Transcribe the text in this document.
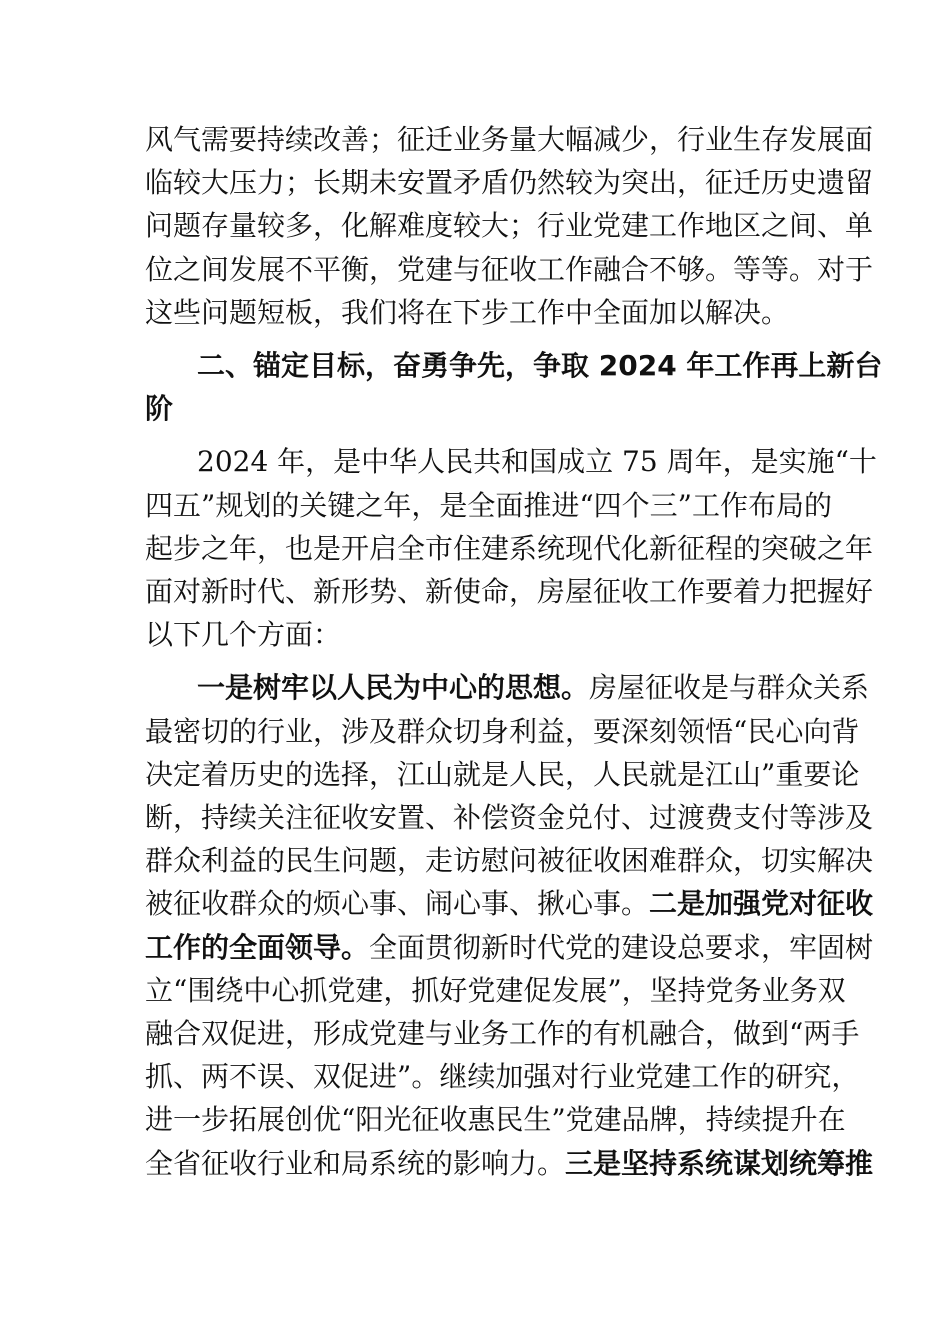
风气需要持续改善；征迁业务量大幅减少，行业生存发展面
临较大压力；长期未安置矛盾仍然较为突出，征迁历史遗留
问题存量较多，化解难度较大；行业党建工作地区之间、单
位之间发展不平衡，党建与征收工作融合不够。等等。对于
这些问题短板，我们将在下步工作中全面加以解决。
二、锚定目标，奋勇争先，争取 2024 年工作再上新台
阶
2024 年，是中华人民共和国成立 75 周年，是实施“十
四五”规划的关键之年，是全面推进“四个三”工作布局的
起步之年，也是开启全市住建系统现代化新征程的突破之年
面对新时代、新形势、新使命，房屋征收工作要着力把握好
以下几个方面：
一是树牢以人民为中心的思想。房屋征收是与群众关系
最密切的行业，涉及群众切身利益，要深刻领悟“民心向背
决定着历史的选择，江山就是人民，人民就是江山”重要论
断，持续关注征收安置、补偿资金兑付、过渡费支付等涉及
群众利益的民生问题，走访慰问被征收困难群众，切实解决
被征收群众的烦心事、闹心事、揪心事。二是加强党对征收
工作的全面领导。全面贯彻新时代党的建设总要求，牢固树
立“围绕中心抓党建，抓好党建促发展”，坚持党务业务双
融合双促进，形成党建与业务工作的有机融合，做到“两手
抓、两不误、双促进”。继续加强对行业党建工作的研究，
进一步拓展创优“阳光征收惠民生”党建品牌，持续提升在
全省征收行业和局系统的影响力。三是坚持系统谋划统筹推
